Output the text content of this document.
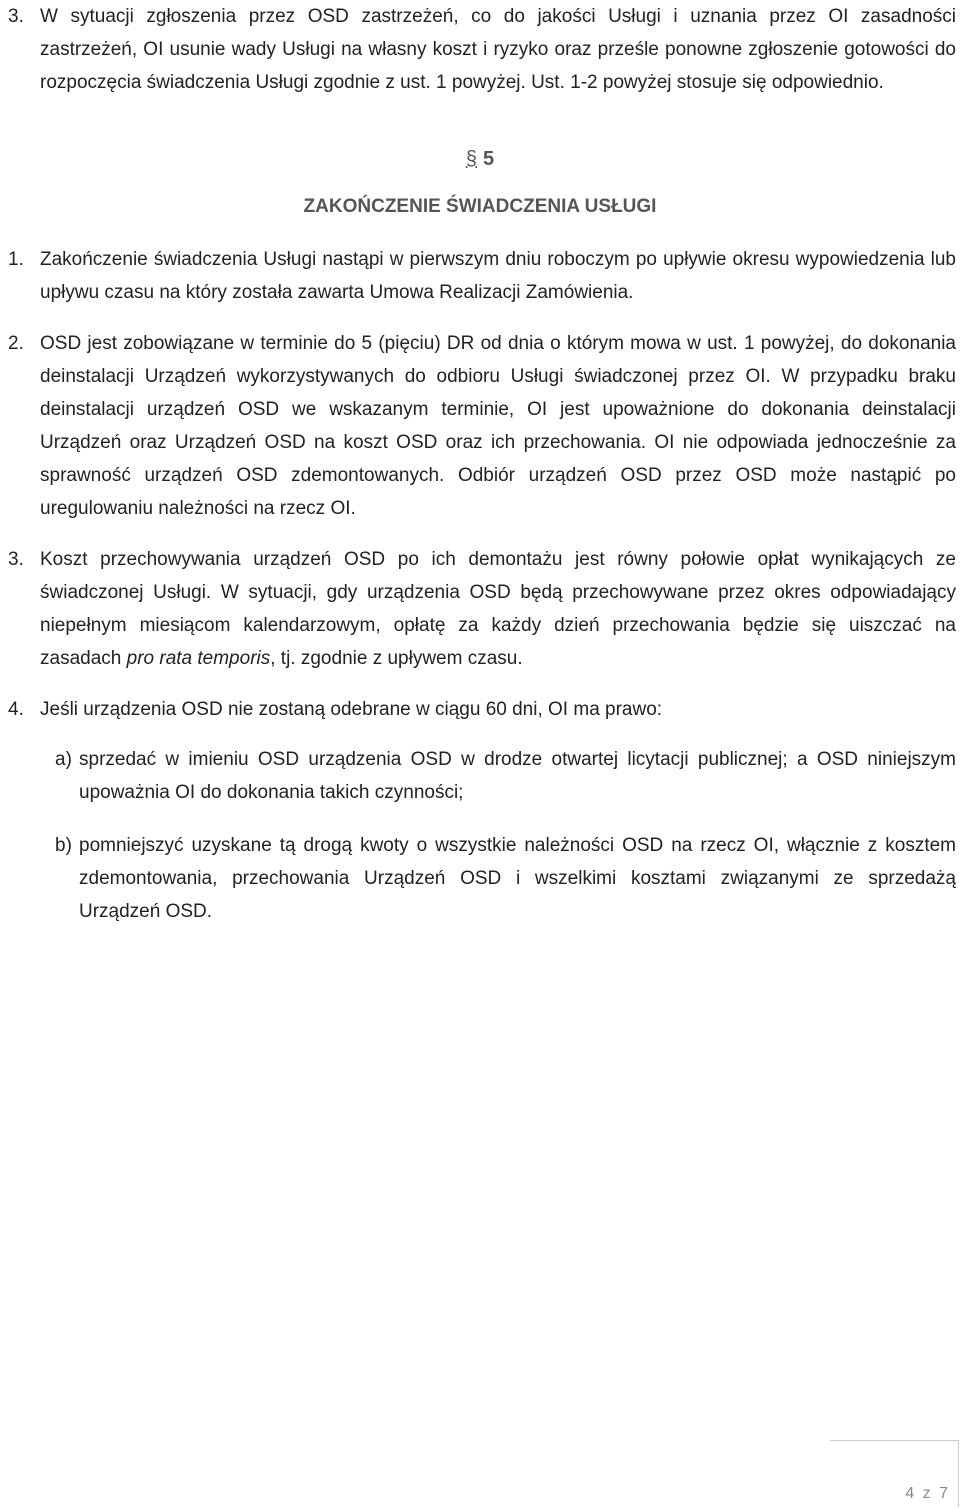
3. W sytuacji zgłoszenia przez OSD zastrzeżeń, co do jakości Usługi i uznania przez OI zasadności zastrzeżeń, OI usunie wady Usługi na własny koszt i ryzyko oraz prześle ponowne zgłoszenie gotowości do rozpoczęcia świadczenia Usługi zgodnie z ust. 1 powyżej. Ust. 1-2 powyżej stosuje się odpowiednio.

§ 5
ZAKOŃCZENIE ŚWIADCZENIA USŁUGI

1. Zakończenie świadczenia Usługi nastąpi w pierwszym dniu roboczym po upływie okresu wypowiedzenia lub upływu czasu na który została zawarta Umowa Realizacji Zamówienia.

2. OSD jest zobowiązane w terminie do 5 (pięciu) DR od dnia o którym mowa w ust. 1 powyżej, do dokonania deinstalacji Urządzeń wykorzystywanych do odbioru Usługi świadczonej przez OI. W przypadku braku deinstalacji urządzeń OSD we wskazanym terminie, OI jest upoważnione do dokonania deinstalacji Urządzeń oraz Urządzeń OSD na koszt OSD oraz ich przechowania. OI nie odpowiada jednocześnie za sprawność urządzeń OSD zdemontowanych. Odbiór urządzeń OSD przez OSD może nastąpić po uregulowaniu należności na rzecz OI.

3. Koszt przechowywania urządzeń OSD po ich demontażu jest równy połowie opłat wynikających ze świadczonej Usługi. W sytuacji, gdy urządzenia OSD będą przechowywane przez okres odpowiadający niepełnym miesiącom kalendarzowym, opłatę za każdy dzień przechowania będzie się uiszczać na zasadach pro rata temporis, tj. zgodnie z upływem czasu.

4. Jeśli urządzenia OSD nie zostaną odebrane w ciągu 60 dni, OI ma prawo:

a) sprzedać w imieniu OSD urządzenia OSD w drodze otwartej licytacji publicznej; a OSD niniejszym upoważnia OI do dokonania takich czynności;

b) pomniejszyć uzyskane tą drogą kwoty o wszystkie należności OSD na rzecz OI, włącznie z kosztem zdemontowania, przechowania Urządzeń OSD i wszelkimi kosztami związanymi ze sprzedażą Urządzeń OSD.

4 z 7
